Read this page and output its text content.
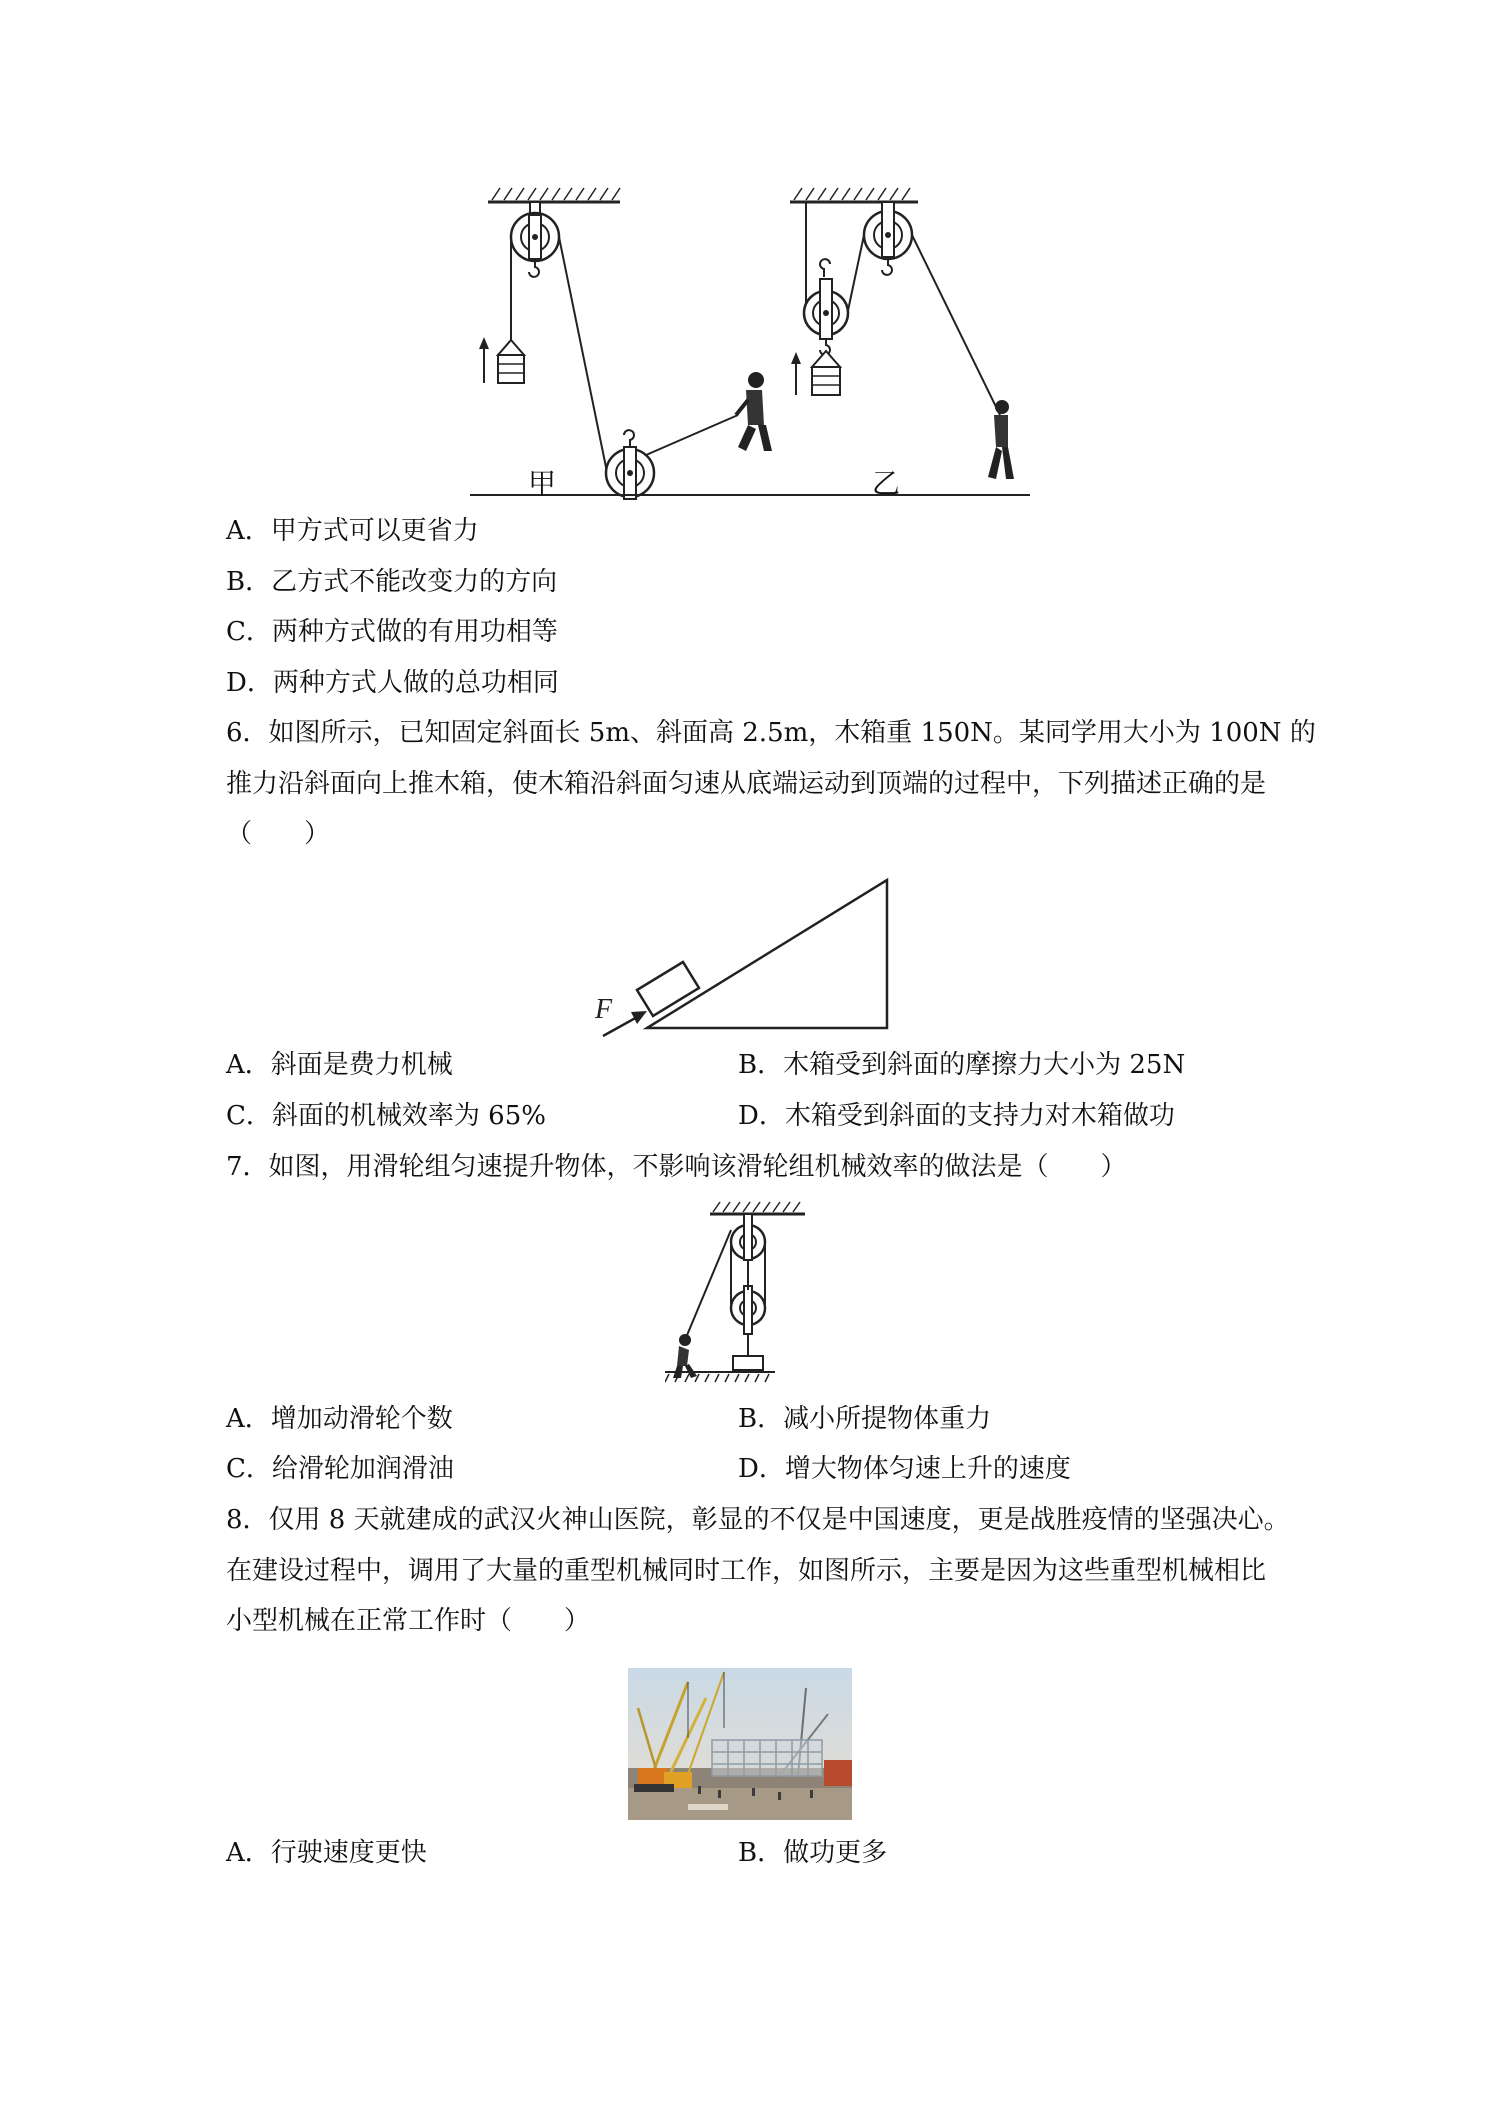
甲	乙
A．甲方式可以更省力
B．乙方式不能改变力的方向
C．两种方式做的有用功相等
D．两种方式人做的总功相同
6．如图所示，已知固定斜面长 5m、斜面高 2.5m，木箱重 150N。某同学用大小为 100N 的
推力沿斜面向上推木箱，使木箱沿斜面匀速从底端运动到顶端的过程中，下列描述正确的是
（　　）
F
A．斜面是费力机械	B．木箱受到斜面的摩擦力大小为 25N
C．斜面的机械效率为 65%	D．木箱受到斜面的支持力对木箱做功
7．如图，用滑轮组匀速提升物体，不影响该滑轮组机械效率的做法是（　　）
A．增加动滑轮个数	B．减小所提物体重力
C．给滑轮加润滑油	D．增大物体匀速上升的速度
8．仅用 8 天就建成的武汉火神山医院，彰显的不仅是中国速度，更是战胜疫情的坚强决心。
在建设过程中，调用了大量的重型机械同时工作，如图所示，主要是因为这些重型机械相比
小型机械在正常工作时（　　）
A．行驶速度更快	B．做功更多
